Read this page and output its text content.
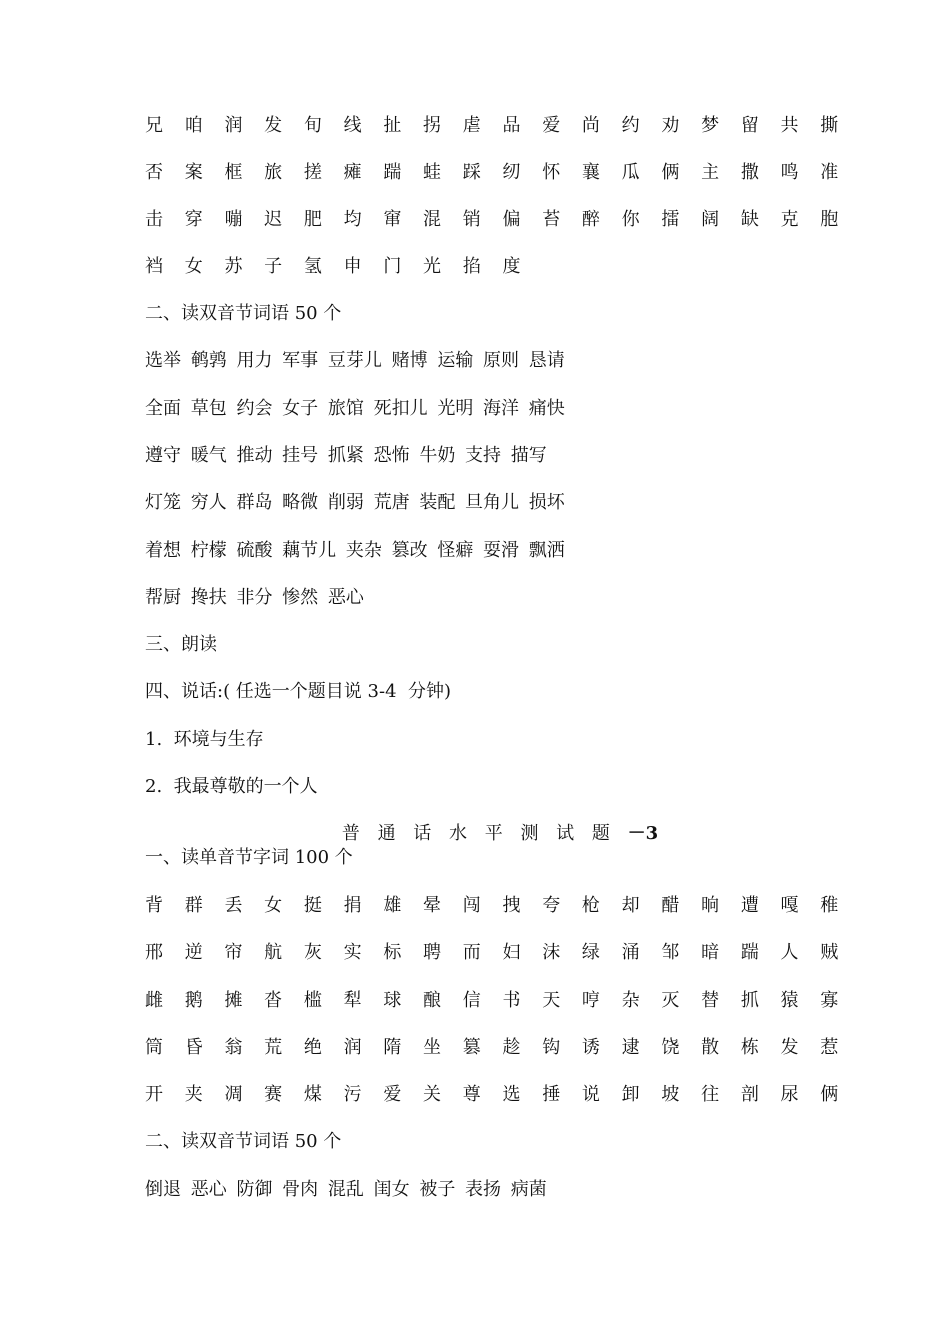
兄 咱 润 发 旬 线 扯 拐 虐 品 爱 尚 约 劝 梦 留 共 撕
否 案 框 旅 搓 瘫 踹 蛙 踩 纫 怀 襄 瓜 俩 主 撒 鸣 准
击 穿 嘣 迟 肥 均 窜 混 销 偏 苔 醉 你 擂 阔 缺 克 胞
裆 女 苏 子 氢 申 门 光 掐 度
二、读双音节词语 50 个
选举 鹌鹑 用力 军事 豆芽儿 赌博 运输 原则 恳请
全面 草包 约会 女子 旅馆 死扣儿 光明 海洋 痛快
遵守 暖气 推动 挂号 抓紧 恐怖 牛奶 支持 描写
灯笼 穷人 群岛 略微 削弱 荒唐 装配 旦角儿 损坏
着想 柠檬 硫酸 藕节儿 夹杂 篡改 怪癖 耍滑 飘洒
帮厨 搀扶 非分 惨然 恶心
三、朗读
四、说话:( 任选一个题目说 3-4  分钟)
1.  环境与生存
2.  我最尊敬的一个人
普 通 话 水 平 测 试 题 －3
一、读单音节字词 100 个
背 群 丢 女 挺 捐 雄 晕 闯 拽 夸 枪 却 醋 晌 遭 嘎 稚
邢 逆 帘 航 灰 实 标 聘 而 妇 沫 绿 涌 邹 暗 踹 人 贼
雌 鹅 摊 沓 槛 犁 球 酿 信 书 天 哼 杂 灭 替 抓 猿 寡
筒 昏 翁 荒 绝 润 隋 坐 篡 趁 钩 诱 逮 饶 散 栋 发 惹
开 夹 凋 赛 煤 污 爱 关 尊 选 捶 说 卸 坡 往 剖 尿 俩
二、读双音节词语 50 个
倒退 恶心 防御 骨肉 混乱 闺女 被子 表扬 病菌
